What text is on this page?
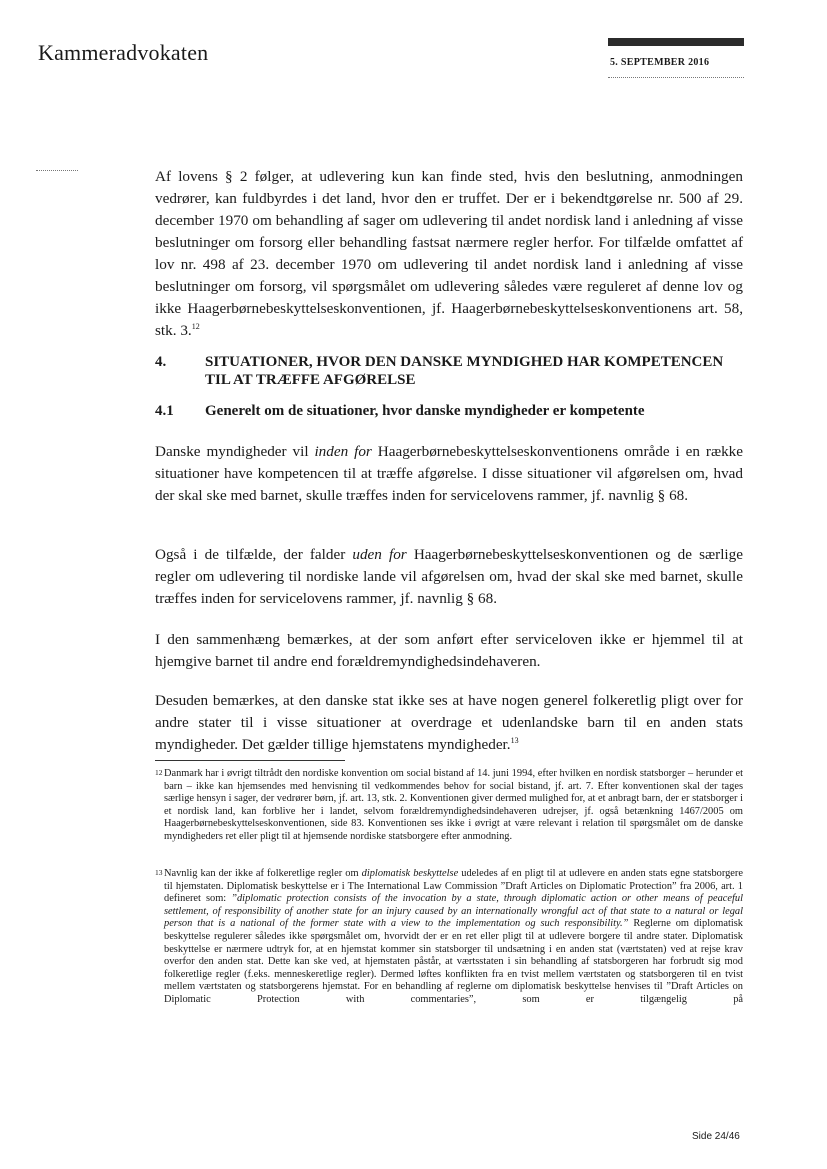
Kammeradvokaten	5. SEPTEMBER 2016

Af lovens § 2 følger, at udlevering kun kan finde sted, hvis den beslutning, anmodningen vedrører, kan fuldbyrdes i det land, hvor den er truffet. Der er i bekendtgørelse nr. 500 af 29. december 1970 om behandling af sager om udlevering til andet nordisk land i anledning af visse beslutninger om forsorg eller behandling fastsat nærmere regler herfor. For tilfælde omfattet af lov nr. 498 af 23. december 1970 om udlevering til andet nordisk land i anledning af visse beslutninger om forsorg, vil spørgsmålet om udlevering således være reguleret af denne lov og ikke Haagerbørnebeskyttelseskonventionen, jf. Haagerbørnebeskyttelseskonventionens art. 58, stk. 3.12

4.	SITUATIONER, HVOR DEN DANSKE MYNDIGHED HAR KOMPETENCEN TIL AT TRÆFFE AFGØRELSE
4.1 Generelt om de situationer, hvor danske myndigheder er kompetente

Danske myndigheder vil inden for Haagerbørnebeskyttelseskonventionens område i en række situationer have kompetencen til at træffe afgørelse. I disse situationer vil afgørelsen om, hvad der skal ske med barnet, skulle træffes inden for servicelovens rammer, jf. navnlig § 68.

Også i de tilfælde, der falder uden for Haagerbørnebeskyttelseskonventionen og de særlige regler om udlevering til nordiske lande vil afgørelsen om, hvad der skal ske med barnet, skulle træffes inden for servicelovens rammer, jf. navnlig § 68.

I den sammenhæng bemærkes, at der som anført efter serviceloven ikke er hjemmel til at hjemgive barnet til andre end forældremyndighedsindehaveren.

Desuden bemærkes, at den danske stat ikke ses at have nogen generel folkeretlig pligt over for andre stater til i visse situationer at overdrage et udenlandske barn til en anden stats myndigheder. Det gælder tillige hjemstatens myndigheder.$^{13}$

12 Danmark har i øvrigt tiltrådt den nordiske konvention om social bistand af 14. juni 1994, efter hvilken en nordisk statsborger – herunder et barn – ikke kan hjemsendes med henvisning til vedkommendes behov for social bistand, jf. art. 7. Efter konventionen skal der tages særlige hensyn i sager, der vedrører børn, jf. art. 13, stk. 2. Konventionen giver dermed mulighed for, at et anbragt barn, der er statsborger i et nordisk land, kan forblive her i landet, selvom forældremyndighedsindehaveren udrejser, jf. også betænkning 1467/2005 om Haagerbørnebeskyttelseskonventionen, side 83. Konventionen ses ikke i øvrigt at være relevant i relation til spørgsmålet om de danske myndigheders ret eller pligt til at hjemsende nordiske statsborgere efter anmodning.
13 Navnlig kan der ikke af folkeretlige regler om diplomatisk beskyttelse udeledes af en pligt til at udlevere en anden stats egne statsborgere til hjemstaten. Diplomatisk beskyttelse er i The International Law Commission ”Draft Articles on Diplomatic Protection” fra 2006, art. 1 defineret som: ”diplomatic protection consists of the invocation by a state, through diplomatic action or other means of peaceful settlement, of responsibility of another state for an injury caused by an internationally wrongful act of that state to a natural or legal person that is a national of the former state with a view to the implementation og such responsibility.” Reglerne om diplomatisk beskyttelse regulerer således ikke spørgsmålet om, hvorvidt der er en ret eller pligt til at udlevere borgere til andre stater. Diplomatisk beskyttelse er nærmere udtryk for, at en hjemstat kommer sin statsborger til undsætning i en anden stat (værtstaten) ved at rejse krav overfor den anden stat. Dette kan ske ved, at hjemstaten påstår, at værtsstaten i sin behandling af statsborgeren har forbrudt sig mod folkeretlige regler (f.eks. menneskeretlige regler). Dermed løftes konflikten fra en tvist mellem værtstaten og statsborgeren til en tvist mellem værtstaten og statsborgerens hjemstat. For en behandling af reglerne om diplomatisk beskyttelse henvises til ”Draft Articles on Diplomatic Protection with commentaries”, som er tilgængelig på
Side 24/46
